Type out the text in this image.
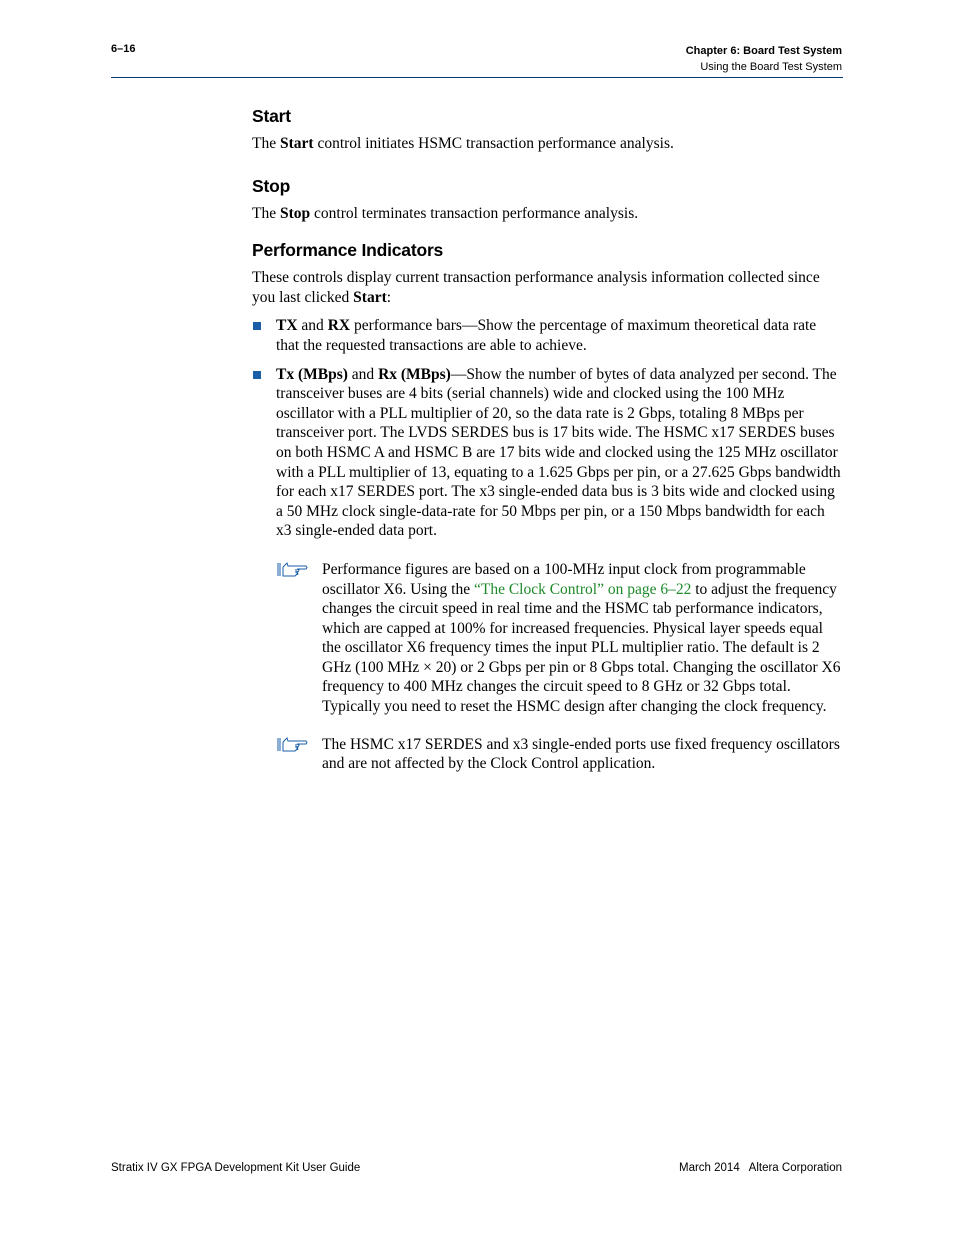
6–16	Chapter 6: Board Test System
Using the Board Test System
Start

The Start control initiates HSMC transaction performance analysis.

Stop

The Stop control terminates transaction performance analysis.

Performance Indicators

These controls display current transaction performance analysis information collected since you last clicked Start:

TX and RX performance bars—Show the percentage of maximum theoretical data rate that the requested transactions are able to achieve.
Tx (MBps) and Rx (MBps)—Show the number of bytes of data analyzed per second. The transceiver buses are 4 bits (serial channels) wide and clocked using the 100 MHz oscillator with a PLL multiplier of 20, so the data rate is 2 Gbps, totaling 8 MBps per transceiver port. The LVDS SERDES bus is 17 bits wide. The HSMC x17 SERDES buses on both HSMC A and HSMC B are 17 bits wide and clocked using the 125 MHz oscillator with a PLL multiplier of 13, equating to a 1.625 Gbps per pin, or a 27.625 Gbps bandwidth for each x17 SERDES port. The x3 single-ended data bus is 3 bits wide and clocked using a 50 MHz clock single-data-rate for 50 Mbps per pin, or a 150 Mbps bandwidth for each x3 single-ended data port.
Performance figures are based on a 100-MHz input clock from programmable oscillator X6. Using the “The Clock Control” on page 6–22 to adjust the frequency changes the circuit speed in real time and the HSMC tab performance indicators, which are capped at 100% for increased frequencies. Physical layer speeds equal the oscillator X6 frequency times the input PLL multiplier ratio. The default is 2 GHz (100 MHz × 20) or 2 Gbps per pin or 8 Gbps total. Changing the oscillator X6 frequency to 400 MHz changes the circuit speed to 8 GHz or 32 Gbps total. Typically you need to reset the HSMC design after changing the clock frequency.
The HSMC x17 SERDES and x3 single-ended ports use fixed frequency oscillators and are not affected by the Clock Control application.
Stratix IV GX FPGA Development Kit User Guide	March 2014   Altera Corporation
